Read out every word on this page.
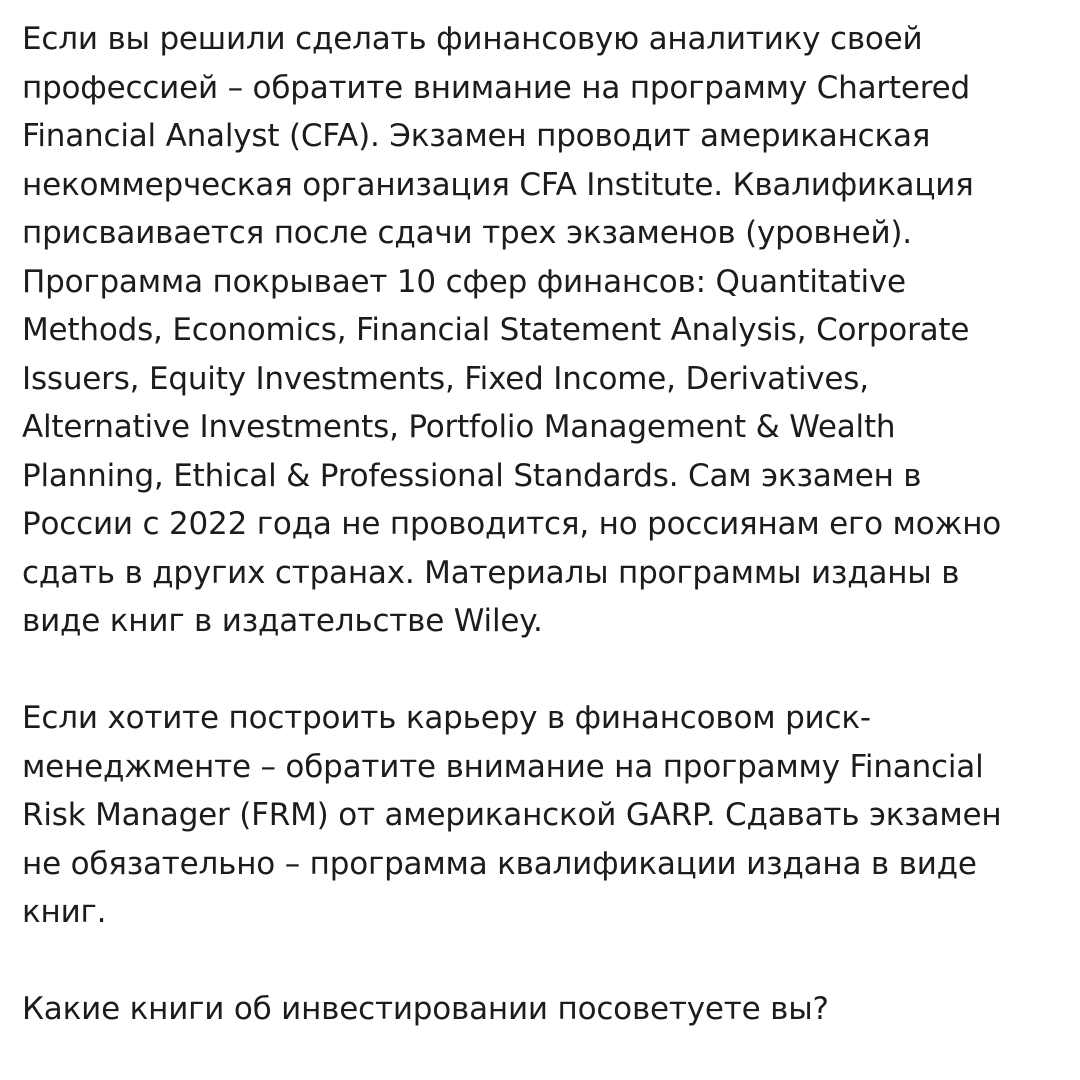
Если вы решили сделать финансовую аналитику своей
профессией – обратите внимание на программу Chartered
Financial Analyst (CFA). Экзамен проводит американская
некоммерческая организация CFA Institute. Квалификация
присваивается после сдачи трех экзаменов (уровней).
Программа покрывает 10 сфер финансов: Quantitative
Methods, Economics, Financial Statement Analysis, Corporate
Issuers, Equity Investments, Fixed Income, Derivatives,
Alternative Investments, Portfolio Management & Wealth
Planning, Ethical & Professional Standards. Сам экзамен в
России с 2022 года не проводится, но россиянам его можно
сдать в других странах. Материалы программы изданы в
виде книг в издательстве Wiley.
Если хотите построить карьеру в финансовом риск-
менеджменте – обратите внимание на программу Financial
Risk Manager (FRM) от американской GARP. Сдавать экзамен
не обязательно – программа квалификации издана в виде
книг.
Какие книги об инвестировании посоветуете вы?
